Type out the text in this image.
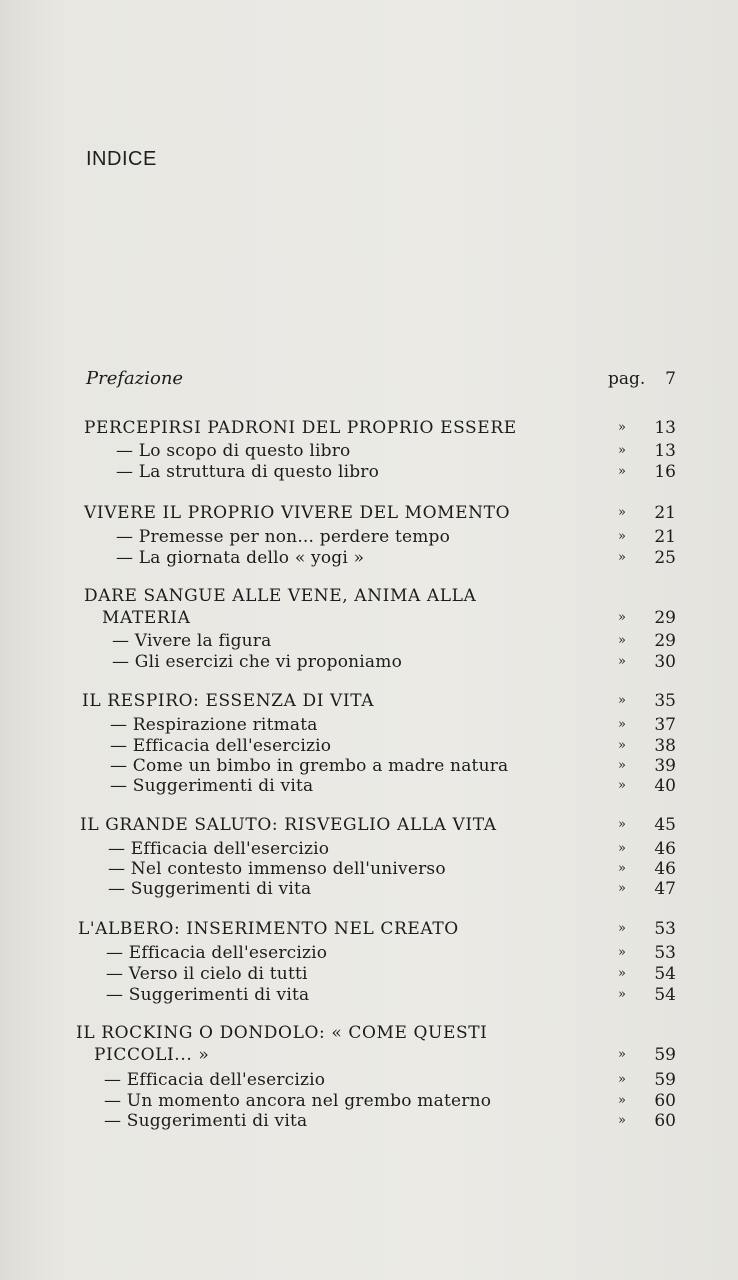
INDICE
Prefazione	pag. 7
PERCEPIRSI PADRONI DEL PROPRIO ESSERE	» 13
— Lo scopo di questo libro	» 13
— La struttura di questo libro	» 16
VIVERE IL PROPRIO VIVERE DEL MOMENTO	» 21
— Premesse per non... perdere tempo	» 21
— La giornata dello « yogi »	» 25
DARE SANGUE ALLE VENE, ANIMA ALLA
MATERIA	» 29
— Vivere la figura	» 29
— Gli esercizi che vi proponiamo	» 30
IL RESPIRO: ESSENZA DI VITA	» 35
— Respirazione ritmata	» 37
— Efficacia dell'esercizio	» 38
— Come un bimbo in grembo a madre natura	» 39
— Suggerimenti di vita	» 40
IL GRANDE SALUTO: RISVEGLIO ALLA VITA	» 45
— Efficacia dell'esercizio	» 46
— Nel contesto immenso dell'universo	» 46
— Suggerimenti di vita	» 47
L'ALBERO: INSERIMENTO NEL CREATO	» 53
— Efficacia dell'esercizio	» 53
— Verso il cielo di tutti	» 54
— Suggerimenti di vita	» 54
IL ROCKING O DONDOLO: « COME QUESTI
PICCOLI... »	» 59
— Efficacia dell'esercizio	» 59
— Un momento ancora nel grembo materno	» 60
— Suggerimenti di vita	» 60
